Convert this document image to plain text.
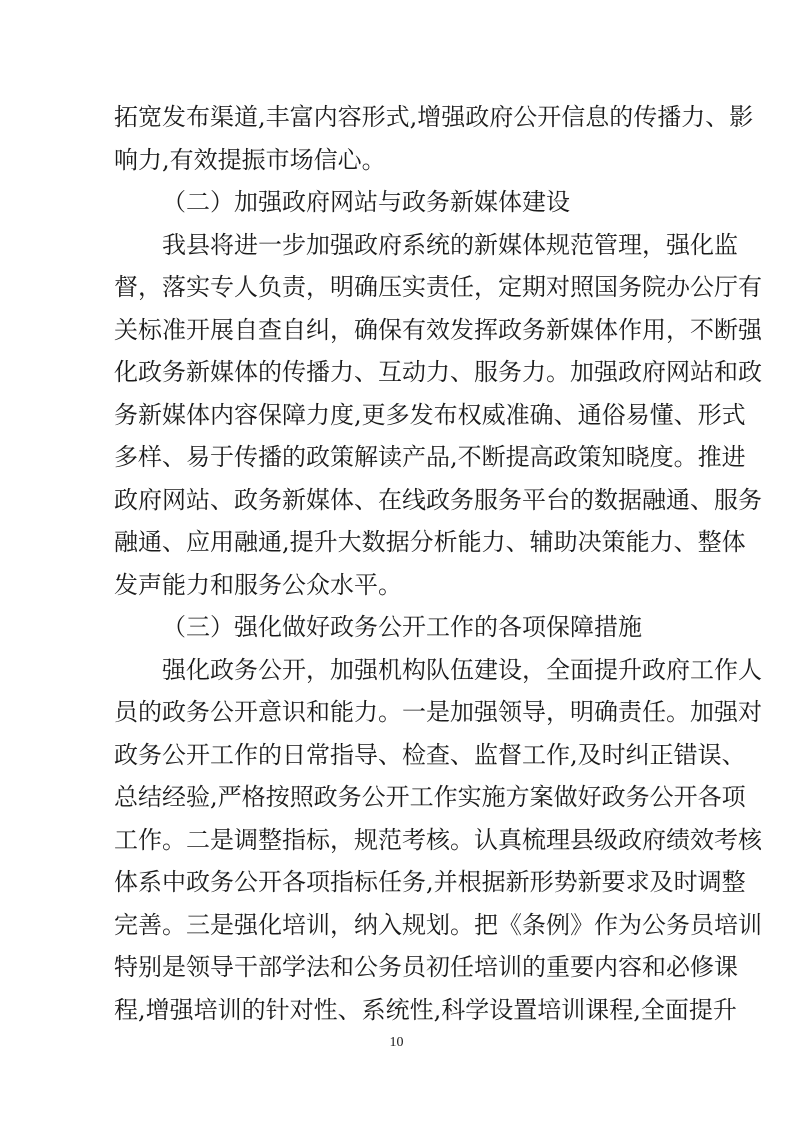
拓宽发布渠道,丰富内容形式,增强政府公开信息的传播力、影
响力,有效提振市场信心。
（二）加强政府网站与政务新媒体建设
我县将进一步加强政府系统的新媒体规范管理，强化监
督，落实专人负责，明确压实责任，定期对照国务院办公厅有
关标准开展自查自纠，确保有效发挥政务新媒体作用，不断强
化政务新媒体的传播力、互动力、服务力。加强政府网站和政
务新媒体内容保障力度,更多发布权威准确、通俗易懂、形式
多样、易于传播的政策解读产品,不断提高政策知晓度。推进
政府网站、政务新媒体、在线政务服务平台的数据融通、服务
融通、应用融通,提升大数据分析能力、辅助决策能力、整体
发声能力和服务公众水平。
（三）强化做好政务公开工作的各项保障措施
强化政务公开，加强机构队伍建设，全面提升政府工作人
员的政务公开意识和能力。一是加强领导，明确责任。加强对
政务公开工作的日常指导、检查、监督工作,及时纠正错误、
总结经验,严格按照政务公开工作实施方案做好政务公开各项
工作。二是调整指标，规范考核。认真梳理县级政府绩效考核
体系中政务公开各项指标任务,并根据新形势新要求及时调整
完善。三是强化培训，纳入规划。把《条例》作为公务员培训
特别是领导干部学法和公务员初任培训的重要内容和必修课
程,增强培训的针对性、系统性,科学设置培训课程,全面提升
10
